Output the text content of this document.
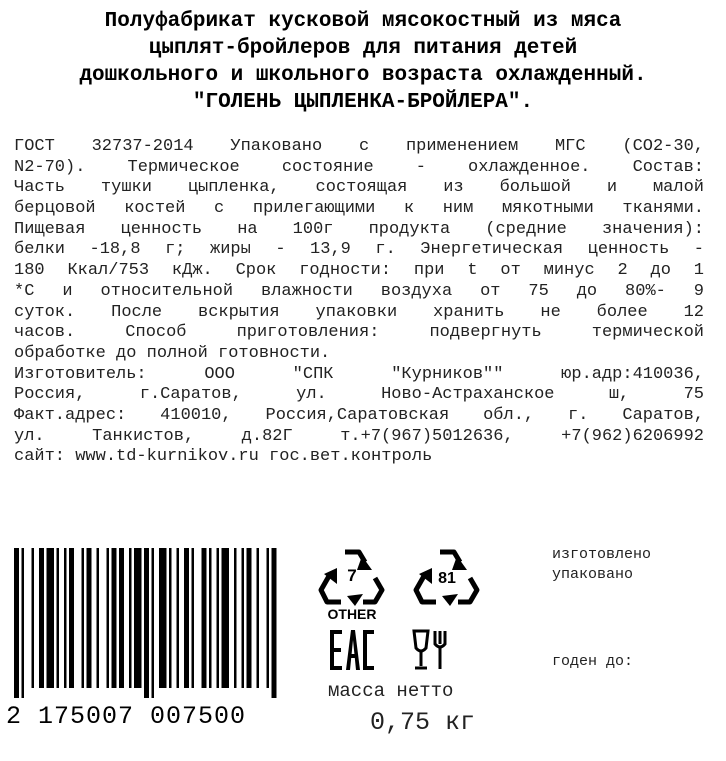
Полуфабрикат кусковой мясокостный из мяса
цыплят-бройлеров для питания детей
дошкольного и школьного возраста охлажденный.
"ГОЛЕНЬ ЦЫПЛЕНКА-БРОЙЛЕРА".
ГОСТ 32737-2014 Упаковано с применением МГС (СО2-30,
N2-70). Термическое состояние - охлажденное. Состав:
Часть тушки цыпленка, состоящая из большой и малой
берцовой костей с прилегающими к ним мякотными тканями.
Пищевая ценность на 100г продукта (средние значения):
белки -18,8 г; жиры - 13,9 г. Энергетическая ценность -
180 Ккал/753 кДж. Срок годности: при t от минус 2 до 1
*С и относительной влажности воздуха от 75 до 80%- 9
суток. После вскрытия упаковки хранить не более 12
часов. Способ приготовления: подвергнуть термической
обработке до полной готовности.
Изготовитель: ООО "СПК "Курников"" юр.адр:410036,
Россия, г.Саратов, ул. Ново-Астраханское ш, 75
Факт.адрес: 410010, Россия,Саратовская обл., г. Саратов,
ул. Танкистов, д.82Г т.+7(967)5012636, +7(962)6206992
сайт: www.td-kurnikov.ru гос.вет.контроль
2 175007 007500
7
OTHER
81
изготовлено
упаковано
годен до:
масса нетто
0,75 кг
